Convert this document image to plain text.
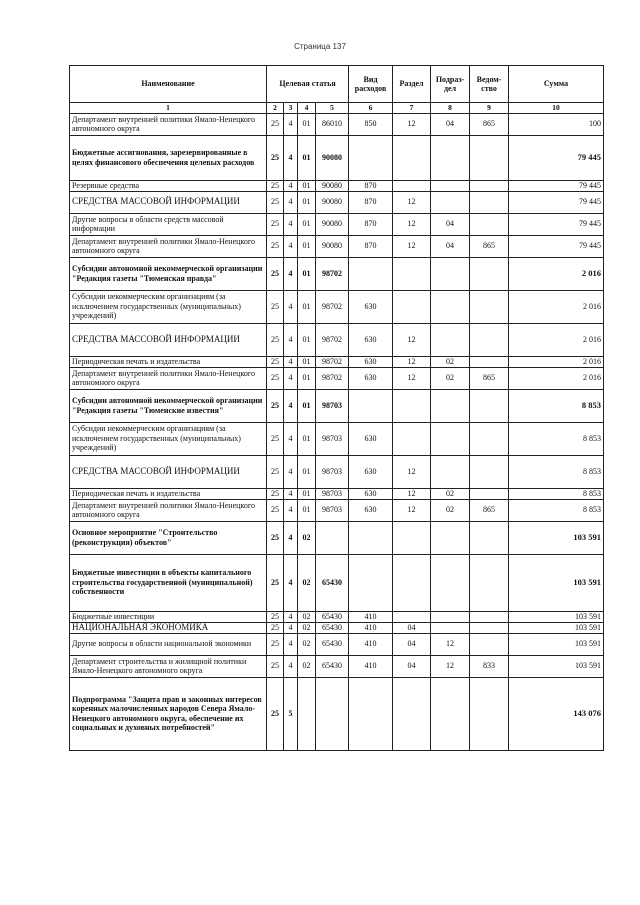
Страница 137
Наименование	Целевая статья				Вид расходов	Раздел	Подраз-дел	Ведом-ство	Сумма
1	2	3	4	5	6	7	8	9	10
Департамент внутренней политики Ямало-Ненецкого автономного округа	25	4	01	86010	850	12	04	865	100
Бюджетные ассигнования, зарезервированные в целях финансового обеспечения целевых расходов	25	4	01	90080					79 445
Резервные средства	25	4	01	90080	870				79 445
СРЕДСТВА МАССОВОЙ ИНФОРМАЦИИ	25	4	01	90080	870	12			79 445
Другие вопросы в области средств массовой информации	25	4	01	90080	870	12	04		79 445
Департамент внутренней политики Ямало-Ненецкого автономного округа	25	4	01	90080	870	12	04	865	79 445
Субсидии автономной некоммерческой организации "Редакция газеты "Тюменская правда"	25	4	01	98702					2 016
Субсидии некоммерческим организациям (за исключением государственных (муниципальных) учреждений)	25	4	01	98702	630				2 016
СРЕДСТВА МАССОВОЙ ИНФОРМАЦИИ	25	4	01	98702	630	12			2 016
Периодическая печать и издательства	25	4	01	98702	630	12	02		2 016
Департамент внутренней политики Ямало-Ненецкого автономного округа	25	4	01	98702	630	12	02	865	2 016
Субсидии автономной некоммерческой организации "Редакция газеты "Тюменские известия"	25	4	01	98703					8 853
Субсидии некоммерческим организациям (за исключением государственных (муниципальных) учреждений)	25	4	01	98703	630				8 853
СРЕДСТВА МАССОВОЙ ИНФОРМАЦИИ	25	4	01	98703	630	12			8 853
Периодическая печать и издательства	25	4	01	98703	630	12	02		8 853
Департамент внутренней политики Ямало-Ненецкого автономного округа	25	4	01	98703	630	12	02	865	8 853
Основное мероприятие "Строительство (реконструкция) объектов"	25	4	02						103 591
Бюджетные инвестиции в объекты капитального строительства государственной (муниципальной) собственности	25	4	02	65430					103 591
Бюджетные инвестиции	25	4	02	65430	410				103 591
НАЦИОНАЛЬНАЯ ЭКОНОМИКА	25	4	02	65430	410	04			103 591
Другие вопросы в области национальной экономики	25	4	02	65430	410	04	12		103 591
Департамент строительства и жилищной политики Ямало-Ненецкого автономного округа	25	4	02	65430	410	04	12	833	103 591
Подпрограмма "Защита прав и законных интересов коренных малочисленных народов Севера Ямало-Ненецкого автономного округа, обеспечение их социальных и духовных потребностей"	25	5							143 076
